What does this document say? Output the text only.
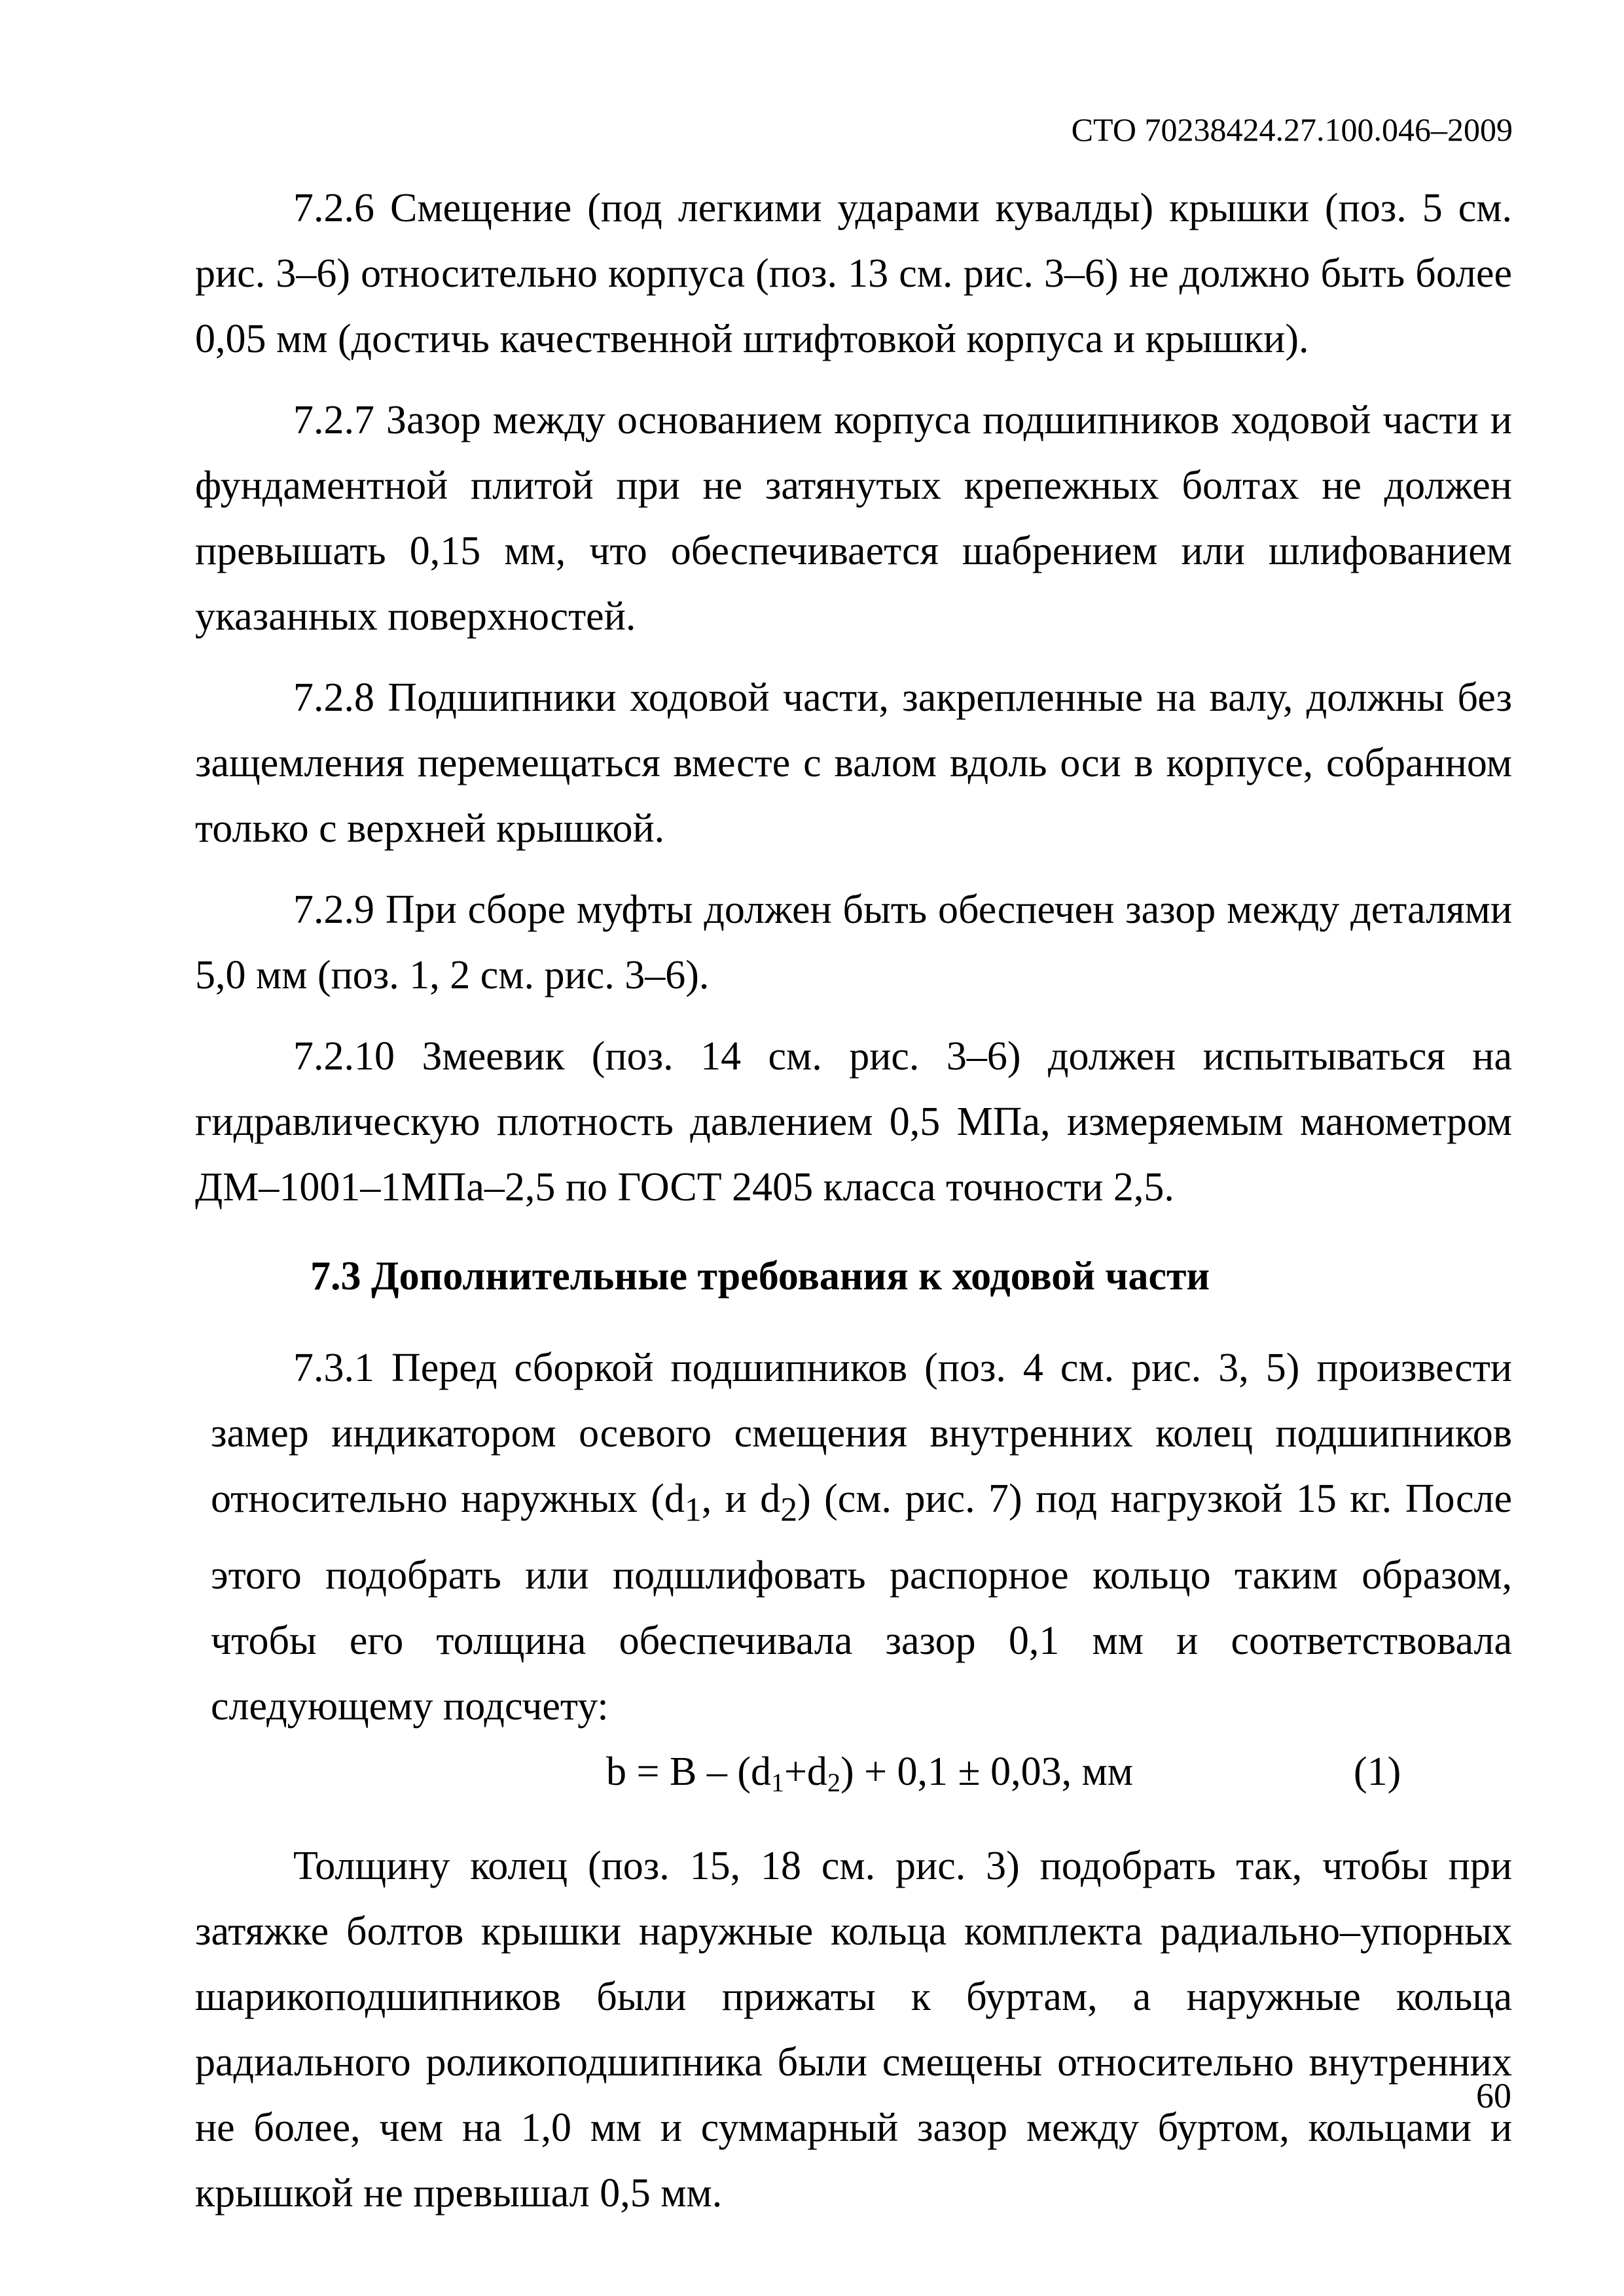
СТО 70238424.27.100.046–2009

7.2.6 Смещение (под легкими ударами кувалды) крышки (поз. 5 см. рис. 3–6) относительно корпуса (поз. 13 см. рис. 3–6) не должно быть более 0,05 мм (достичь качественной штифтовкой корпуса и крышки).

7.2.7 Зазор между основанием корпуса подшипников ходовой части и фундаментной плитой при не затянутых крепежных болтах не должен превышать 0,15 мм, что обеспечивается шабрением или шлифованием указанных поверхностей.

7.2.8 Подшипники ходовой части, закрепленные на валу, должны без защемления перемещаться вместе с валом вдоль оси в корпусе, собранном только с верхней крышкой.

7.2.9 При сборе муфты должен быть обеспечен зазор между деталями 5,0 мм (поз. 1, 2 см. рис. 3–6).

7.2.10 Змеевик (поз. 14 см. рис. 3–6) должен испытываться на гидравлическую плотность давлением 0,5 МПа, измеряемым манометром ДМ–1001–1МПа–2,5 по ГОСТ 2405 класса точности 2,5.

7.3 Дополнительные требования к ходовой части

7.3.1 Перед сборкой подшипников (поз. 4 см. рис. 3, 5) произвести замер индикатором осевого смещения внутренних колец подшипников относительно наружных ($d_1$, и $d_2$) (см. рис. 7) под нагрузкой 15 кг. После этого подобрать или подшлифовать распорное кольцо таким образом, чтобы его толщина обеспечивала зазор 0,1 мм и соответствовала следующему подсчету:

$b = B - (d_1+d_2) + 0,1 \pm 0,03$, мм	(1)

Толщину колец (поз. 15, 18 см. рис. 3) подобрать так, чтобы при затяжке болтов крышки наружные кольца комплекта радиально–упорных шарикоподшипников были прижаты к буртам, а наружные кольца радиального роликоподшипника были смещены относительно внутренних не более, чем на 1,0 мм и суммарный зазор между буртом, кольцами и крышкой не превышал 0,5 мм.

60
